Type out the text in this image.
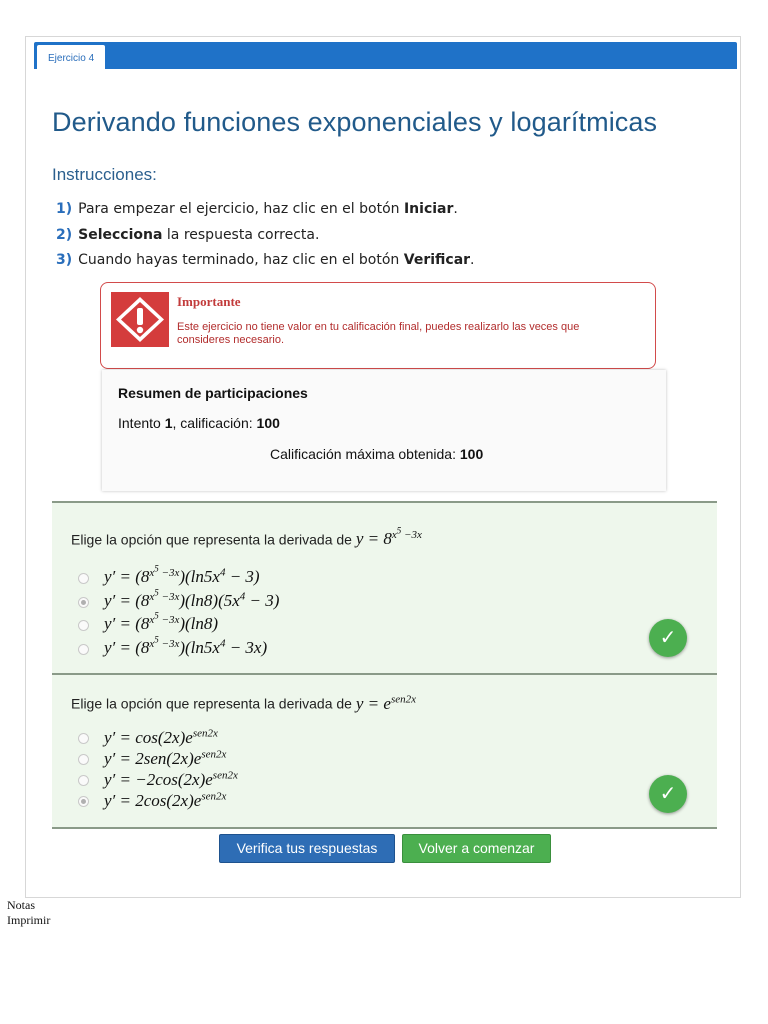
Ejercicio 4
Derivando funciones exponenciales y logarítmicas
Instrucciones:
1) Para empezar el ejercicio, haz clic en el botón Iniciar.
2) Selecciona la respuesta correcta.
3) Cuando hayas terminado, haz clic en el botón Verificar.
Importante
Este ejercicio no tiene valor en tu calificación final, puedes realizarlo las veces que consideres necesario.
Resumen de participaciones
Intento 1, calificación: 100
Calificación máxima obtenida: 100
Elige la opción que representa la derivada de $y = 8^{x^5 -3x}$
$y' = (8^{x^5 -3x})(\ln 5x^4 - 3)$
$y' = (8^{x^5 -3x})(\ln 8)(5x^4 - 3)$
$y' = (8^{x^5 -3x})(\ln 8)$
$y' = (8^{x^5 -3x})(\ln 5x^4 - 3x)$	✓
Elige la opción que representa la derivada de $y = e^{sen2x}$
$y' = \cos(2x)e^{sen2x}$
$y' = 2sen(2x)e^{sen2x}$
$y' = -2\cos(2x)e^{sen2x}$
$y' = 2\cos(2x)e^{sen2x}$	✓
Verifica tus respuestas	Volver a comenzar
Notas
Imprimir
